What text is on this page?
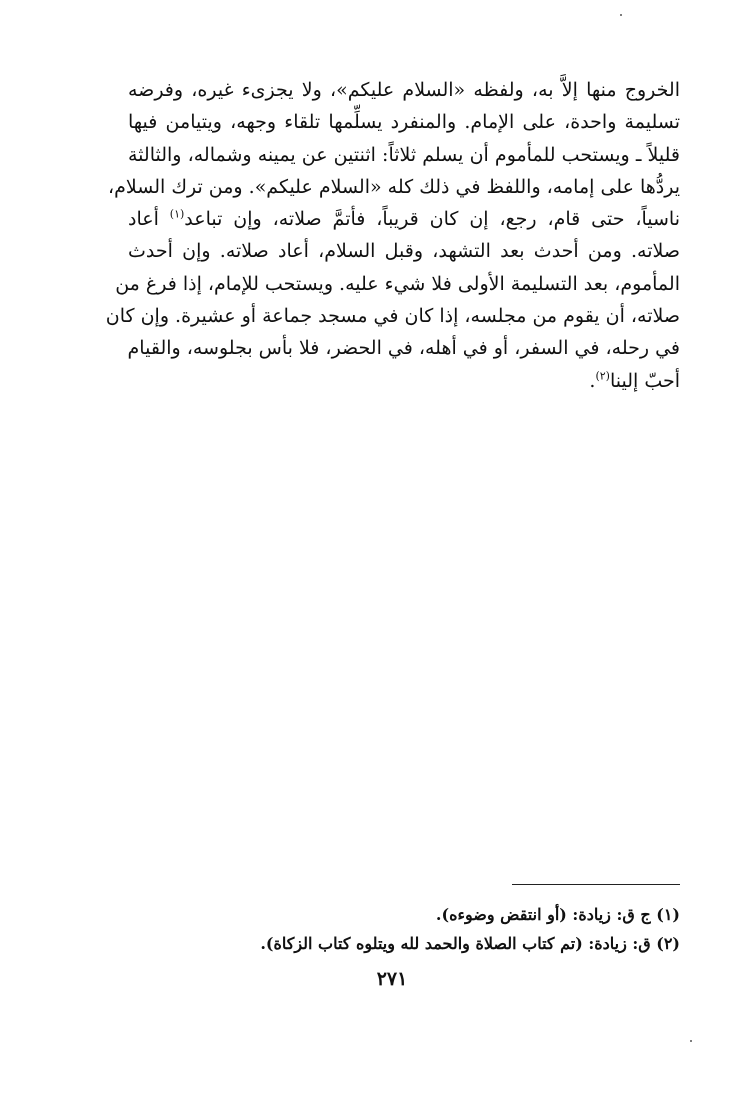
الخروج منها إلاَّ به، ولفظه «السلام عليكم»، ولا يجزىء غيره، وفرضه
تسليمة واحدة، على الإمام. والمنفرد يسلِّمها تلقاء وجهه، ويتيامن فيها
قليلاً ـ ويستحب للمأموم أن يسلم ثلاثاً: اثنتين عن يمينه وشماله، والثالثة
يردُّها على إمامه، واللفظ في ذلك كله «السلام عليكم». ومن ترك السلام،
ناسياً، حتى قام، رجع، إن كان قريباً، فأتمَّ صلاته، وإن تباعد$^{(١)}$ أعاد
صلاته. ومن أحدث بعد التشهد، وقبل السلام، أعاد صلاته. وإن أحدث
المأموم، بعد التسليمة الأولى فلا شيء عليه. ويستحب للإمام، إذا فرغ من
صلاته، أن يقوم من مجلسه، إذا كان في مسجد جماعة أو عشيرة. وإن كان
في رحله، في السفر، أو في أهله، في الحضر، فلا بأس بجلوسه، والقيام
أحبّ إلينا$^{(٢)}$.
(١) ج ق: زيادة: (أو انتقض وضوءه).
(٢) ق: زيادة: (تم كتاب الصلاة والحمد لله ويتلوه كتاب الزكاة).
٢٧١
